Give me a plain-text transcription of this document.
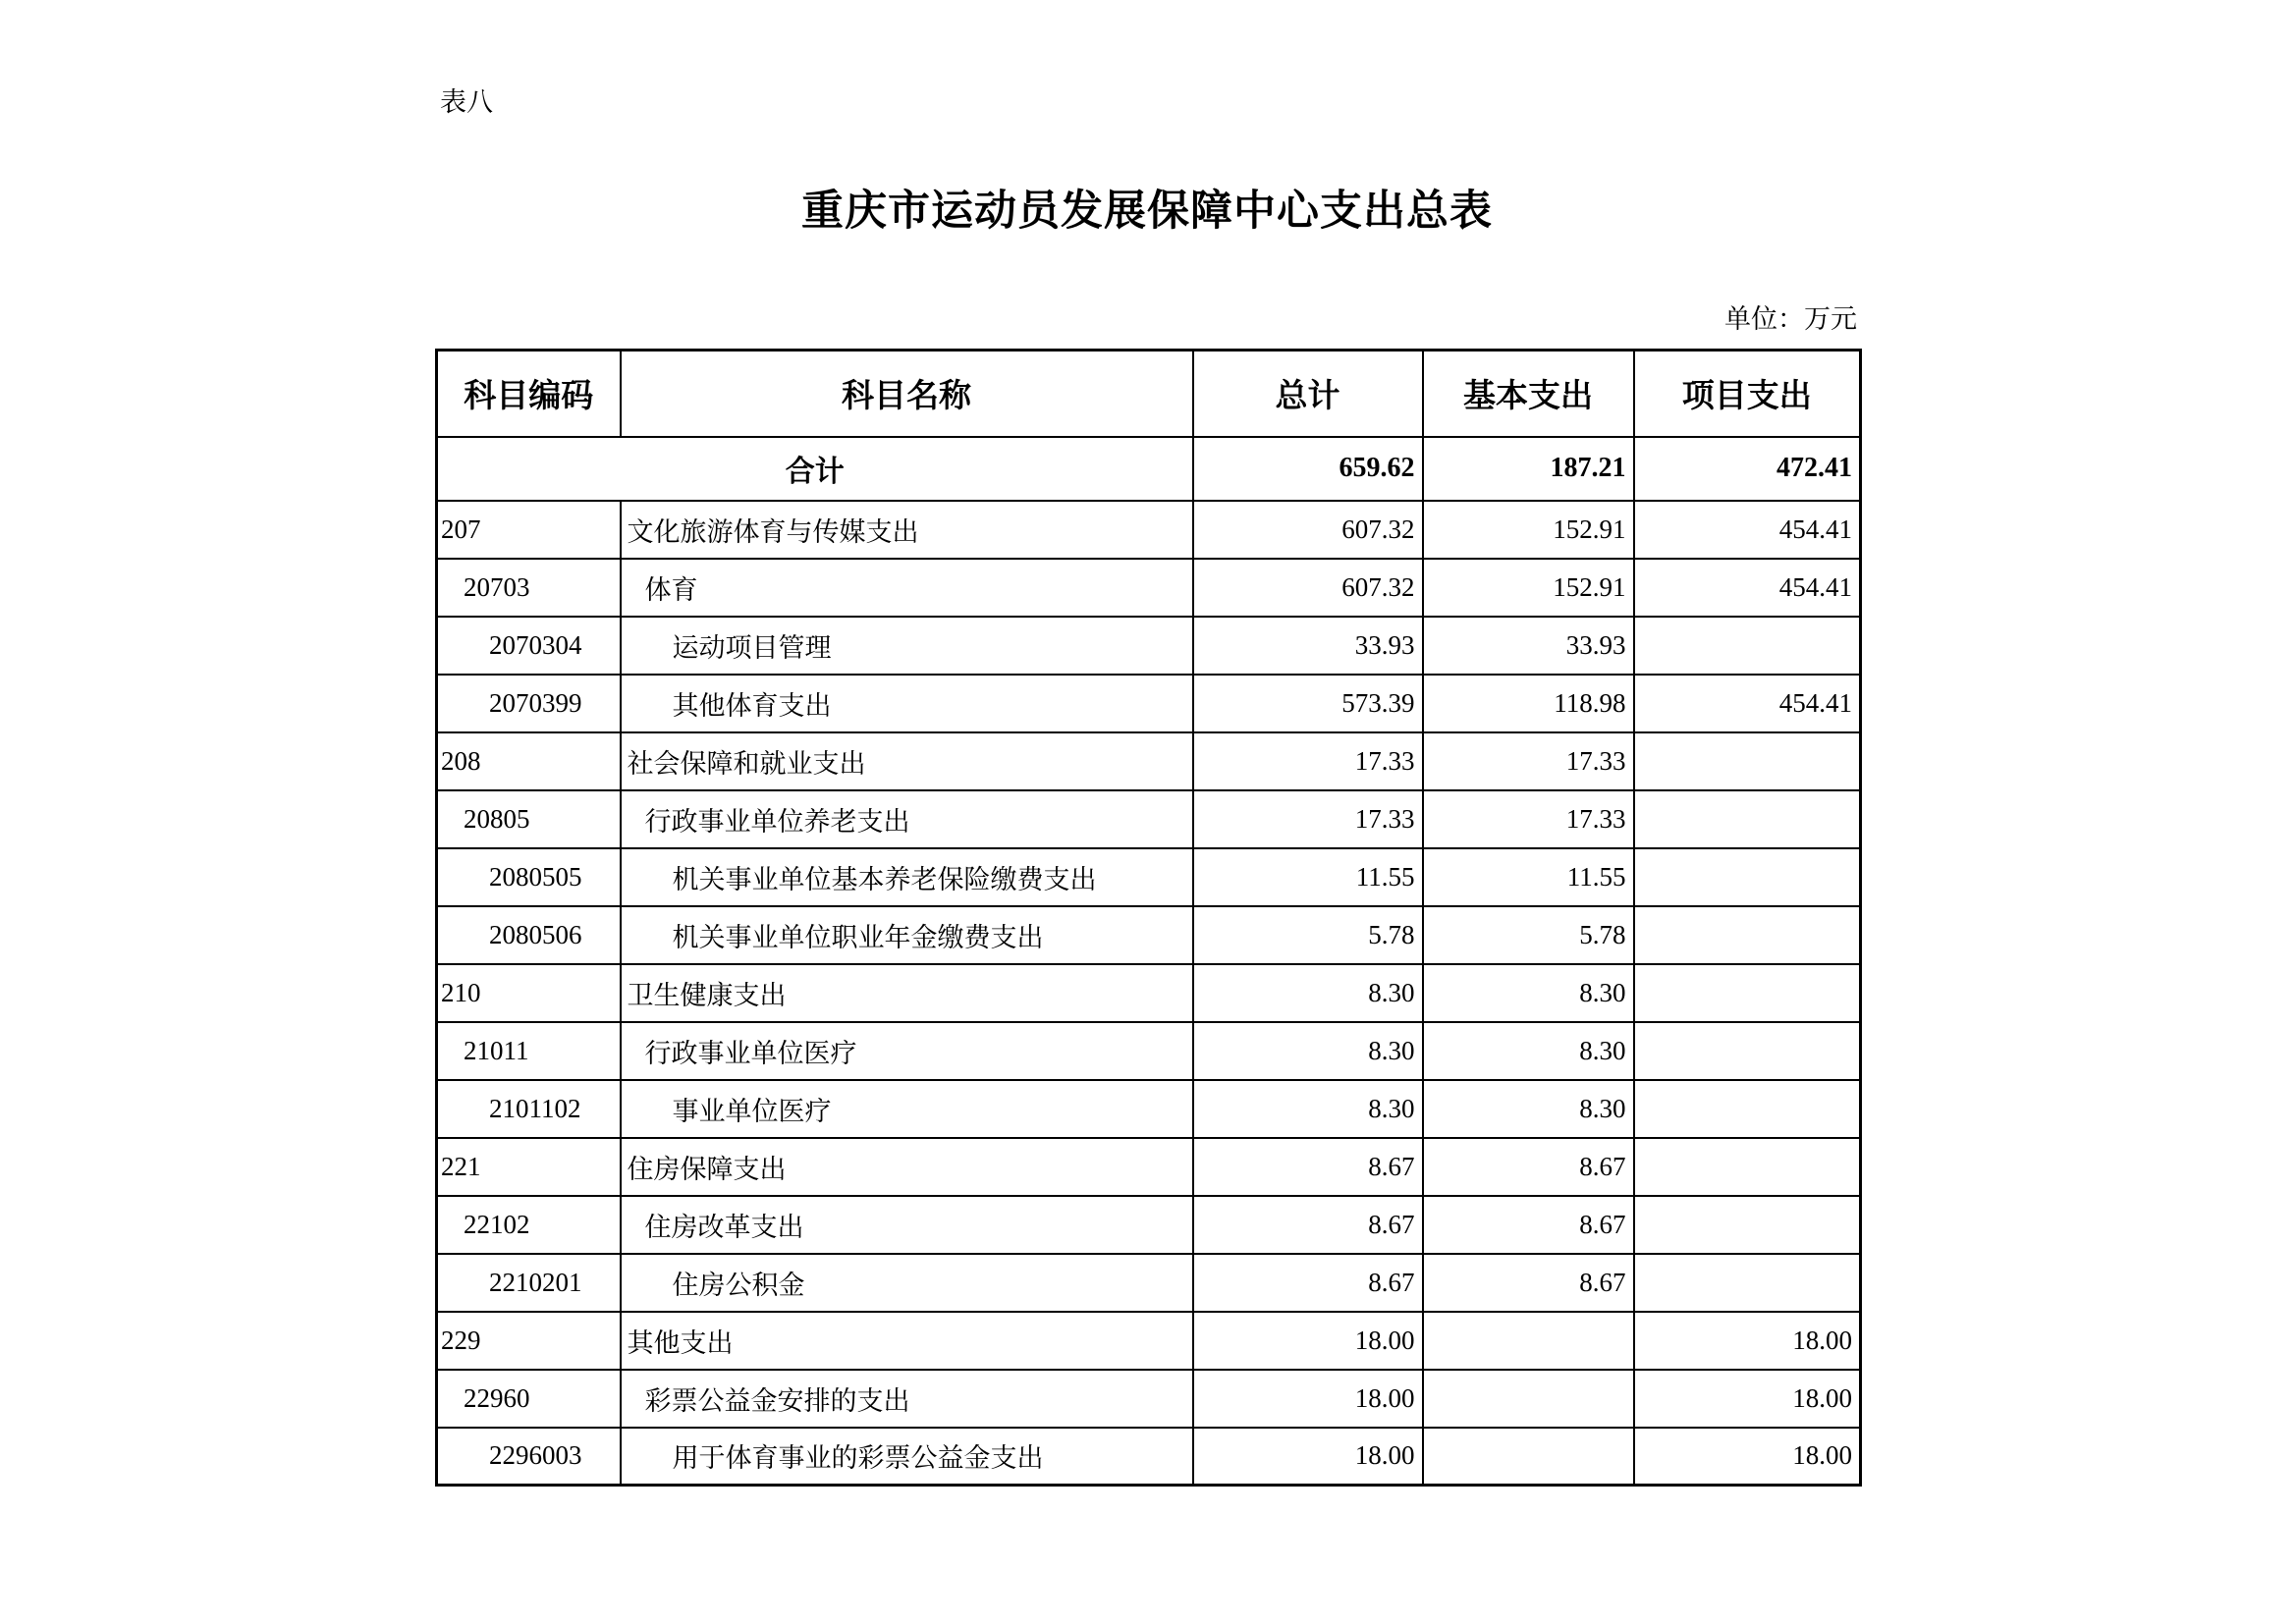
表八
重庆市运动员发展保障中心支出总表
单位：万元
科目编码	科目名称	总计	基本支出	项目支出
合计		659.62	187.21	472.41
207	文化旅游体育与传媒支出	607.32	152.91	454.41
20703	体育	607.32	152.91	454.41
2070304	运动项目管理	33.93	33.93	
2070399	其他体育支出	573.39	118.98	454.41
208	社会保障和就业支出	17.33	17.33	
20805	行政事业单位养老支出	17.33	17.33	
2080505	机关事业单位基本养老保险缴费支出	11.55	11.55	
2080506	机关事业单位职业年金缴费支出	5.78	5.78	
210	卫生健康支出	8.30	8.30	
21011	行政事业单位医疗	8.30	8.30	
2101102	事业单位医疗	8.30	8.30	
221	住房保障支出	8.67	8.67	
22102	住房改革支出	8.67	8.67	
2210201	住房公积金	8.67	8.67	
229	其他支出	18.00		18.00
22960	彩票公益金安排的支出	18.00		18.00
2296003	用于体育事业的彩票公益金支出	18.00		18.00
